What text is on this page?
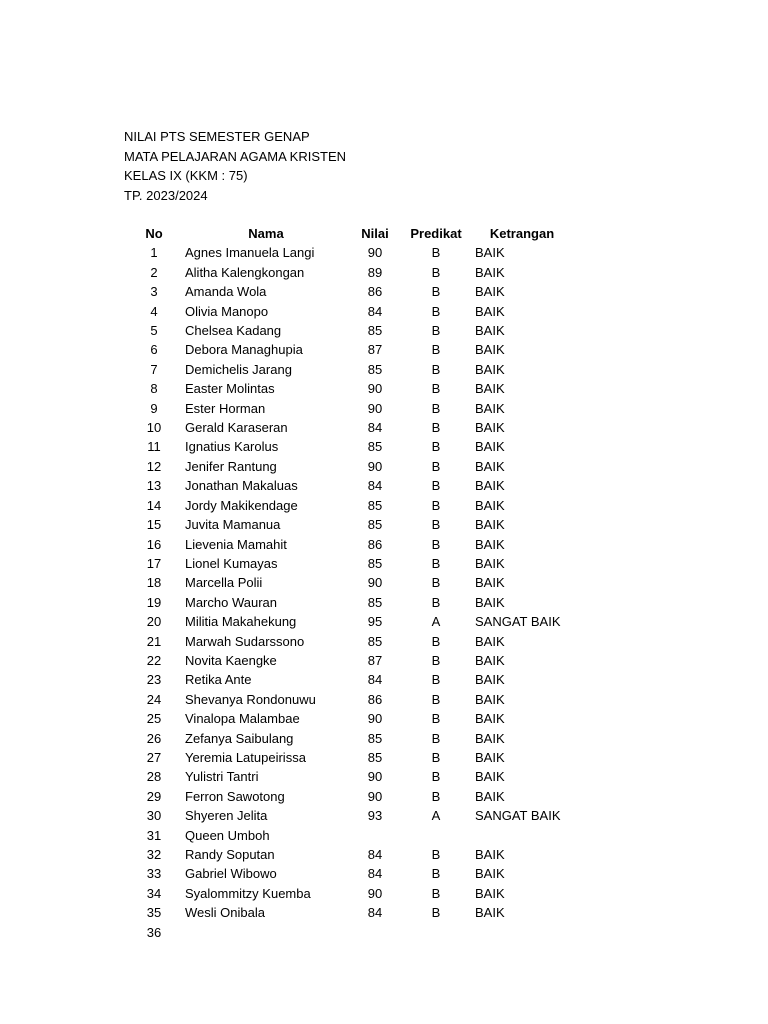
NILAI PTS SEMESTER GENAP
MATA PELAJARAN AGAMA KRISTEN
KELAS IX (KKM : 75)
TP. 2023/2024
No		Nama	Nilai	Predikat	Ketrangan
1		Agnes Imanuela Langi	90	B	BAIK
2		Alitha Kalengkongan	89	B	BAIK
3		Amanda Wola	86	B	BAIK
4		Olivia Manopo	84	B	BAIK
5		Chelsea Kadang	85	B	BAIK
6		Debora Managhupia	87	B	BAIK
7		Demichelis Jarang	85	B	BAIK
8		Easter Molintas	90	B	BAIK
9		Ester Horman	90	B	BAIK
10		Gerald Karaseran	84	B	BAIK
11		Ignatius Karolus	85	B	BAIK
12		Jenifer Rantung	90	B	BAIK
13		Jonathan Makaluas	84	B	BAIK
14		Jordy Makikendage	85	B	BAIK
15		Juvita Mamanua	85	B	BAIK
16		Lievenia Mamahit	86	B	BAIK
17		Lionel Kumayas	85	B	BAIK
18		Marcella Polii	90	B	BAIK
19		Marcho Wauran	85	B	BAIK
20		Militia Makahekung	95	A	SANGAT BAIK
21		Marwah Sudarssono	85	B	BAIK
22		Novita Kaengke	87	B	BAIK
23		Retika Ante	84	B	BAIK
24		Shevanya Rondonuwu	86	B	BAIK
25		Vinalopa Malambae	90	B	BAIK
26		Zefanya Saibulang	85	B	BAIK
27		Yeremia Latupeirissa	85	B	BAIK
28		Yulistri Tantri	90	B	BAIK
29		Ferron Sawotong	90	B	BAIK
30		Shyeren Jelita	93	A	SANGAT BAIK
31		Queen Umboh			
32		Randy Soputan	84	B	BAIK
33		Gabriel Wibowo	84	B	BAIK
34		Syalommitzy Kuemba	90	B	BAIK
35		Wesli Onibala	84	B	BAIK
36					
